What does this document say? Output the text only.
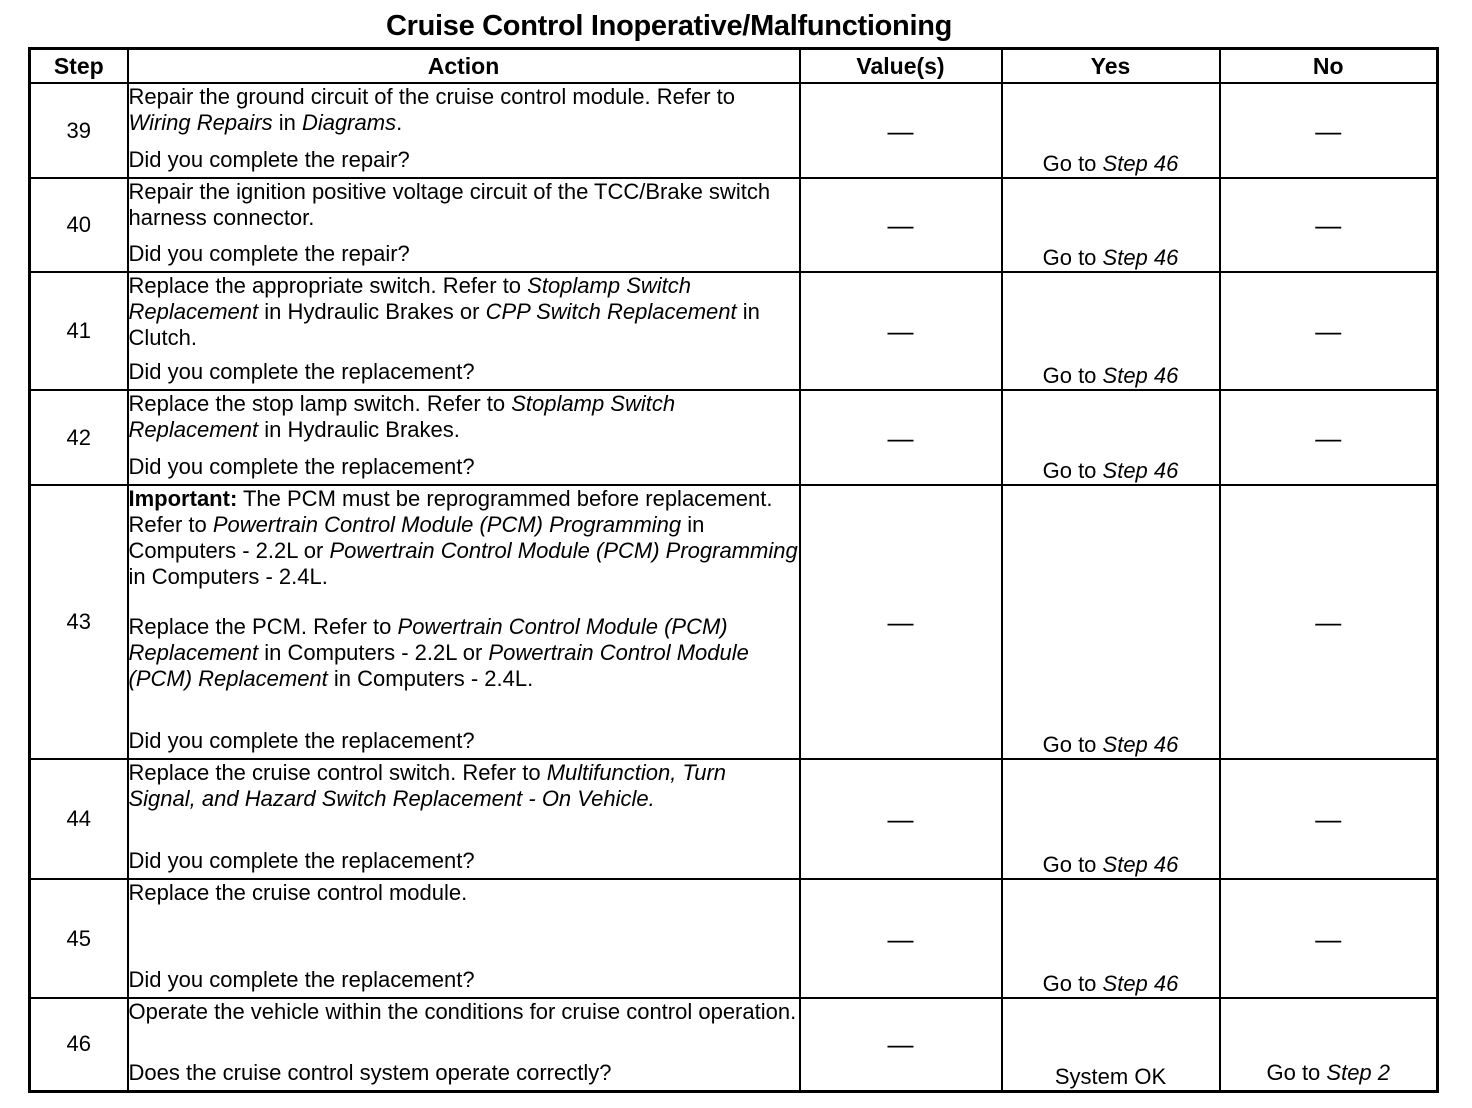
Cruise Control Inoperative/Malfunctioning
Step	Action	Value(s)	Yes	No
39	Repair the ground circuit of the cruise control module. Refer to Wiring Repairs in Diagrams.

Did you complete the repair?	—	Go to Step 46	—
40	Repair the ignition positive voltage circuit of the TCC/Brake switch harness connector.

Did you complete the repair?	—	Go to Step 46	—
41	Replace the appropriate switch. Refer to Stoplamp Switch Replacement in Hydraulic Brakes or CPP Switch Replacement in Clutch.

Did you complete the replacement?	—	Go to Step 46	—
42	Replace the stop lamp switch. Refer to Stoplamp Switch Replacement in Hydraulic Brakes.

Did you complete the replacement?	—	Go to Step 46	—
43	Important: The PCM must be reprogrammed before replacement. Refer to Powertrain Control Module (PCM) Programming in Computers - 2.2L or Powertrain Control Module (PCM) Programming in Computers - 2.4L.

Replace the PCM. Refer to Powertrain Control Module (PCM) Replacement in Computers - 2.2L or Powertrain Control Module (PCM) Replacement in Computers - 2.4L.

Did you complete the replacement?	—	Go to Step 46	—
44	Replace the cruise control switch. Refer to Multifunction, Turn Signal, and Hazard Switch Replacement - On Vehicle.

Did you complete the replacement?	—	Go to Step 46	—
45	Replace the cruise control module.

Did you complete the replacement?	—	Go to Step 46	—
46	Operate the vehicle within the conditions for cruise control operation.

Does the cruise control system operate correctly?	—	System OK	Go to Step 2
